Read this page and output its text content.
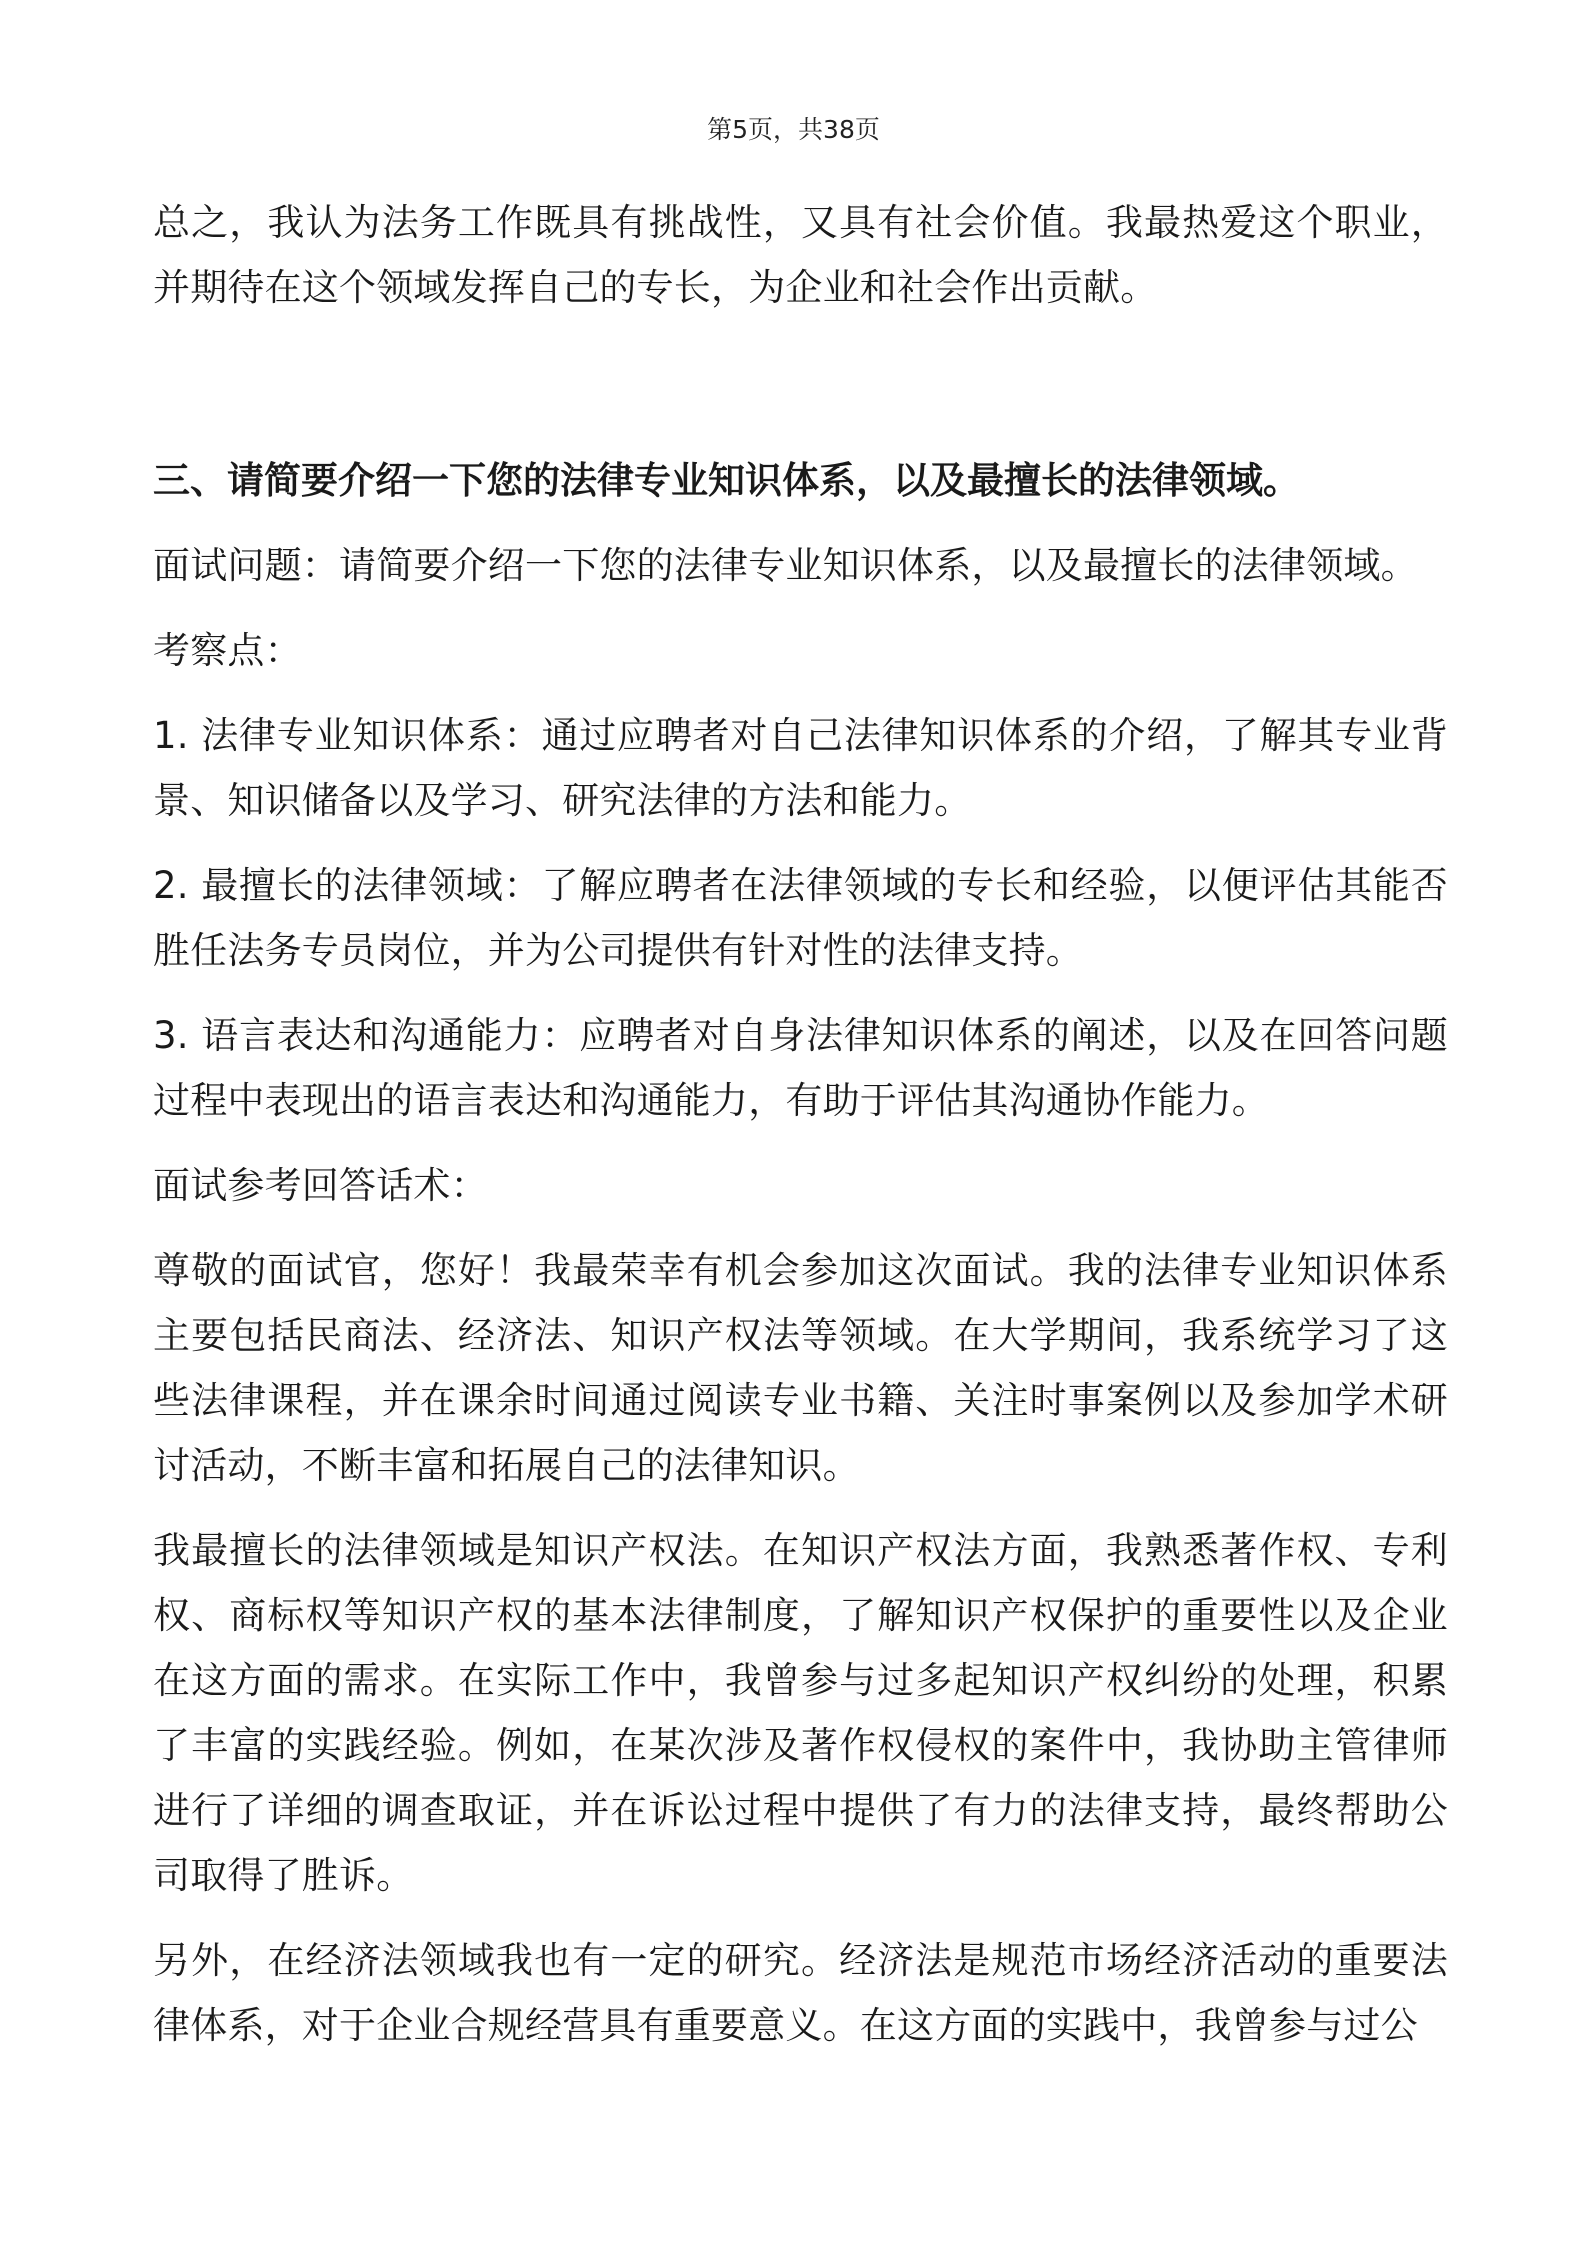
第5页，共38页

总之，我认为法务工作既具有挑战性，又具有社会价值。我最热爱这个职业，并期待在这个领域发挥自己的专长，为企业和社会作出贡献。

三、请简要介绍一下您的法律专业知识体系，以及最擅长的法律领域。

面试问题：请简要介绍一下您的法律专业知识体系，以及最擅长的法律领域。

考察点：

1. 法律专业知识体系：通过应聘者对自己法律知识体系的介绍，了解其专业背景、知识储备以及学习、研究法律的方法和能力。

2. 最擅长的法律领域：了解应聘者在法律领域的专长和经验，以便评估其能否胜任法务专员岗位，并为公司提供有针对性的法律支持。

3. 语言表达和沟通能力：应聘者对自身法律知识体系的阐述，以及在回答问题过程中表现出的语言表达和沟通能力，有助于评估其沟通协作能力。

面试参考回答话术：

尊敬的面试官，您好！我最荣幸有机会参加这次面试。我的法律专业知识体系主要包括民商法、经济法、知识产权法等领域。在大学期间，我系统学习了这些法律课程，并在课余时间通过阅读专业书籍、关注时事案例以及参加学术研讨活动，不断丰富和拓展自己的法律知识。

我最擅长的法律领域是知识产权法。在知识产权法方面，我熟悉著作权、专利权、商标权等知识产权的基本法律制度，了解知识产权保护的重要性以及企业在这方面的需求。在实际工作中，我曾参与过多起知识产权纠纷的处理，积累了丰富的实践经验。例如，在某次涉及著作权侵权的案件中，我协助主管律师进行了详细的调查取证，并在诉讼过程中提供了有力的法律支持，最终帮助公司取得了胜诉。

另外，在经济法领域我也有一定的研究。经济法是规范市场经济活动的重要法律体系，对于企业合规经营具有重要意义。在这方面的实践中，我曾参与过公
